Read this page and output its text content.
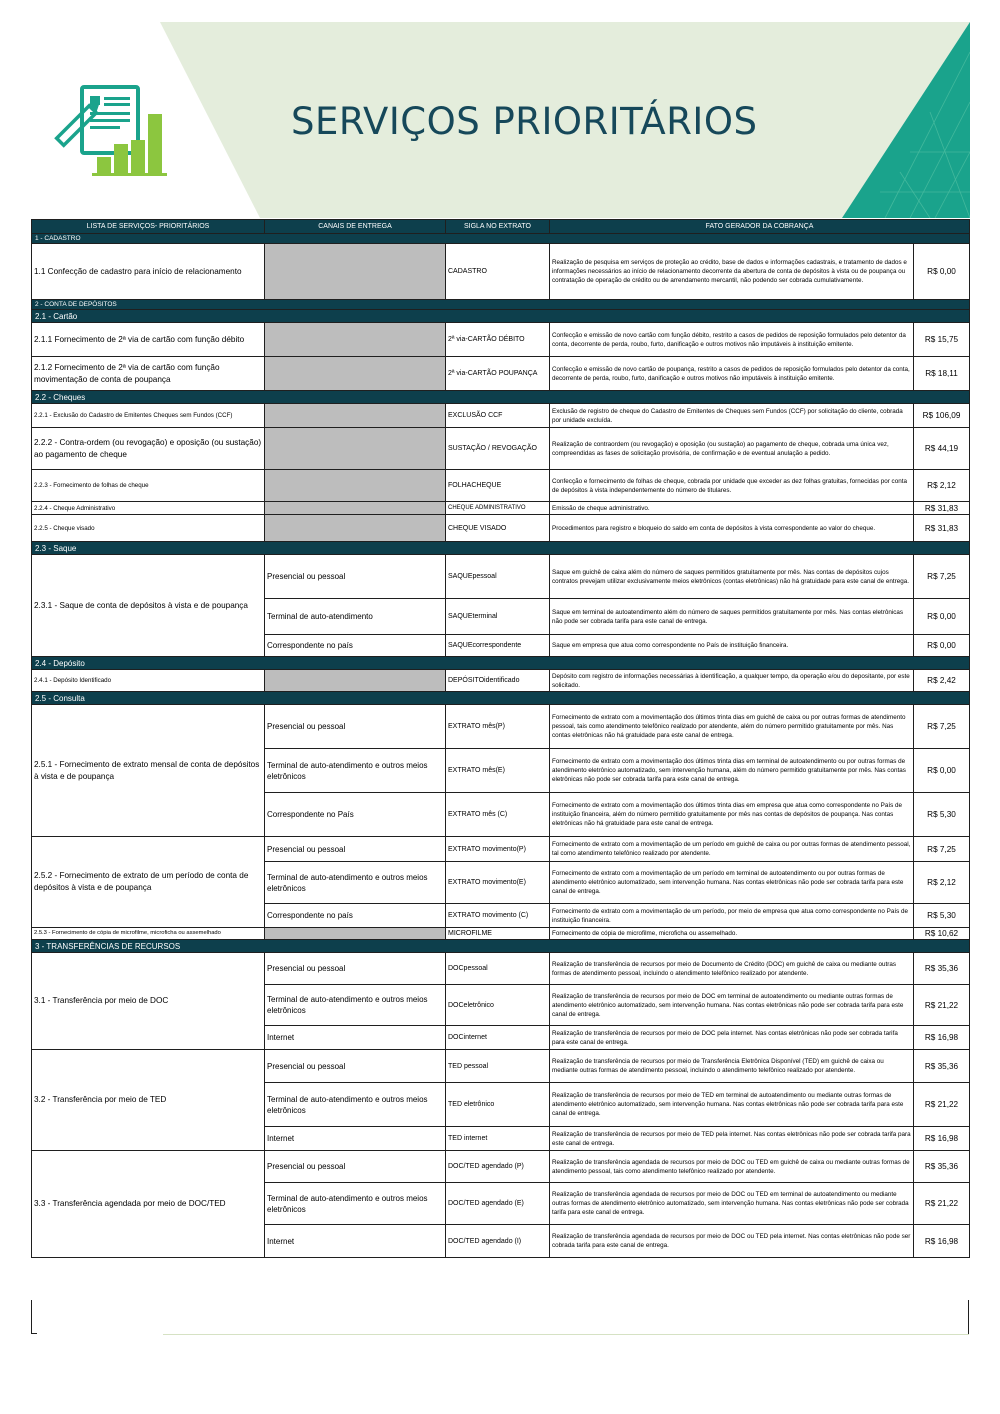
SERVIÇOS PRIORITÁRIOS
LISTA DE SERVIÇOS- PRIORITÁRIOS	CANAIS DE ENTREGA	SIGLA NO EXTRATO	FATO GERADOR DA COBRANÇA	
1 - CADASTRO				
1.1 Confecção de cadastro para início de relacionamento		CADASTRO	Realização de pesquisa em serviços de proteção ao crédito, base de dados e informações cadastrais, e tratamento de dados e informações necessários ao início de relacionamento decorrente da abertura de conta de depósitos à vista ou de poupança ou contratação de operação de crédito ou de arrendamento mercantil, não podendo ser cobrada cumulativamente.	R$ 0,00
2 - CONTA DE DEPÓSITOS				
2.1 - Cartão				
2.1.1 Fornecimento de 2ª via de cartão com função débito		2ª via-CARTÃO DÉBITO	Confecção e emissão de novo cartão com função débito, restrito a casos de pedidos de reposição formulados pelo detentor da conta, decorrente de perda, roubo, furto, danificação e outros motivos não imputáveis à instituição emitente.	R$ 15,75
2.1.2 Fornecimento de 2ª via de cartão com função movimentação de conta de poupança		2ª via-CARTÃO POUPANÇA	Confecção e emissão de novo cartão de poupança, restrito a casos de pedidos de reposição formulados pelo detentor da conta, decorrente de perda, roubo, furto, danificação e outros motivos não imputáveis à instituição emitente.	R$ 18,11
2.2 - Cheques				
2.2.1 - Exclusão do Cadastro de Emitentes Cheques sem Fundos (CCF)		EXCLUSÃO CCF	Exclusão de registro de cheque do Cadastro de Emitentes de Cheques sem Fundos (CCF) por solicitação do cliente, cobrada por unidade excluída.	R$ 106,09
2.2.2 - Contra-ordem (ou revogação) e oposição (ou sustação) ao pagamento de cheque		SUSTAÇÃO / REVOGAÇÃO	Realização de contraordem (ou revogação) e oposição (ou sustação) ao pagamento de cheque, cobrada uma única vez, compreendidas as fases de solicitação provisória, de confirmação e de eventual anulação a pedido.	R$ 44,19
2.2.3 - Fornecimento de folhas de cheque		FOLHACHEQUE	Confecção e fornecimento de folhas de cheque, cobrada por unidade que exceder as dez folhas gratuitas, fornecidas por conta de depósitos à vista independentemente do número de titulares.	R$ 2,12
2.2.4 - Cheque Administrativo		CHEQUE ADMINISTRATIVO	Emissão de cheque administrativo.	R$ 31,83
2.2.5 - Cheque visado		CHEQUE VISADO	Procedimentos para registro e bloqueio do saldo em conta de depósitos à vista correspondente ao valor do cheque.	R$ 31,83
2.3 - Saque				
2.3.1 - Saque de conta de depósitos à vista e de poupança	Presencial ou pessoal	SAQUEpessoal	Saque em guichê de caixa além do número de saques permitidos gratuitamente por mês. Nas contas de depósitos cujos contratos prevejam utilizar exclusivamente meios eletrônicos (contas eletrônicas) não há gratuidade para este canal de entrega.	R$ 7,25
	Terminal de auto-atendimento	SAQUEterminal	Saque em terminal de autoatendimento além do número de saques permitidos gratuitamente por mês. Nas contas eletrônicas não pode ser cobrada tarifa para este canal de entrega.	R$ 0,00
	Correspondente no país	SAQUEcorrespondente	Saque em empresa que atua como correspondente no País de instituição financeira.	R$ 0,00
2.4 - Depósito				
2.4.1 - Depósito Identificado		DEPÓSITOidentificado	Depósito com registro de informações necessárias à identificação, a qualquer tempo, da operação e/ou do depositante, por este solicitado.	R$ 2,42
2.5 - Consulta				
2.5.1 - Fornecimento de extrato mensal de conta de depósitos à vista e de poupança	Presencial ou pessoal	EXTRATO mês(P)	Fornecimento de extrato com a movimentação dos últimos trinta dias em guichê de caixa ou por outras formas de atendimento pessoal, tais como atendimento telefônico realizado por atendente, além do número permitido gratuitamente por mês. Nas contas eletrônicas não há gratuidade para este canal de entrega.	R$ 7,25
	Terminal de auto-atendimento e outros meios eletrônicos	EXTRATO mês(E)	Fornecimento de extrato com a movimentação dos últimos trinta dias em terminal de autoatendimento ou por outras formas de atendimento eletrônico automatizado, sem intervenção humana, além do número permitido gratuitamente por mês. Nas contas eletrônicas não pode ser cobrada tarifa para este canal de entrega.	R$ 0,00
	Correspondente no País	EXTRATO mês (C)	Fornecimento de extrato com a movimentação dos últimos trinta dias em empresa que atua como correspondente no País de instituição financeira, além do número permitido gratuitamente por mês nas contas de depósitos de poupança. Nas contas eletrônicas não há gratuidade para este canal de entrega.	R$ 5,30
2.5.2 - Fornecimento de extrato de um período de conta de depósitos à vista e de poupança	Presencial ou pessoal	EXTRATO movimento(P)	Fornecimento de extrato com a movimentação de um período em guichê de caixa ou por outras formas de atendimento pessoal, tal como atendimento telefônico realizado por atendente.	R$ 7,25
	Terminal de auto-atendimento e outros meios eletrônicos	EXTRATO movimento(E)	Fornecimento de extrato com a movimentação de um período em terminal de autoatendimento ou por outras formas de atendimento eletrônico automatizado, sem intervenção humana. Nas contas eletrônicas não pode ser cobrada tarifa para este canal de entrega.	R$ 2,12
	Correspondente no país	EXTRATO movimento (C)	Fornecimento de extrato com a movimentação de um período, por meio de empresa que atua como correspondente no País de instituição financeira.	R$ 5,30
2.5.3 - Fornecimento de cópia de microfilme, microficha ou assemelhado		MICROFILME	Fornecimento de cópia de microfilme, microficha ou assemelhado.	R$ 10,62
3 - TRANSFERÊNCIAS DE RECURSOS				
3.1 - Transferência por meio de DOC	Presencial ou pessoal	DOCpessoal	Realização de transferência de recursos por meio de Documento de Crédito (DOC) em guichê de caixa ou mediante outras formas de atendimento pessoal, incluindo o atendimento telefônico realizado por atendente.	R$ 35,36
	Terminal de auto-atendimento e outros meios eletrônicos	DOCeletrônico	Realização de transferência de recursos por meio de DOC em terminal de autoatendimento ou mediante outras formas de atendimento eletrônico automatizado, sem intervenção humana. Nas contas eletrônicas não pode ser cobrada tarifa para este canal de entrega.	R$ 21,22
	Internet	DOCinternet	Realização de transferência de recursos por meio de DOC pela internet. Nas contas eletrônicas não pode ser cobrada tarifa para este canal de entrega.	R$ 16,98
3.2 - Transferência por meio de TED	Presencial ou pessoal	TED pessoal	Realização de transferência de recursos por meio de Transferência Eletrônica Disponível (TED) em guichê de caixa ou mediante outras formas de atendimento pessoal, incluindo o atendimento telefônico realizado por atendente.	R$ 35,36
	Terminal de auto-atendimento e outros meios eletrônicos	TED eletrônico	Realização de transferência de recursos por meio de TED em terminal de autoatendimento ou mediante outras formas de atendimento eletrônico automatizado, sem intervenção humana. Nas contas eletrônicas não pode ser cobrada tarifa para este canal de entrega.	R$ 21,22
	Internet	TED internet	Realização de transferência de recursos por meio de TED pela internet. Nas contas eletrônicas não pode ser cobrada tarifa para este canal de entrega.	R$ 16,98
3.3 - Transferência agendada por meio de DOC/TED	Presencial ou pessoal	DOC/TED agendado (P)	Realização de transferência agendada de recursos por meio de DOC ou TED em guichê de caixa ou mediante outras formas de atendimento pessoal, tais como atendimento telefônico realizado por atendente.	R$ 35,36
	Terminal de auto-atendimento e outros meios eletrônicos	DOC/TED agendado (E)	Realização de transferência agendada de recursos por meio de DOC ou TED em terminal de autoatendimento ou mediante outras formas de atendimento eletrônico automatizado, sem intervenção humana. Nas contas eletrônicas não pode ser cobrada tarifa para este canal de entrega.	R$ 21,22
	Internet	DOC/TED agendado (I)	Realização de transferência agendada de recursos por meio de DOC ou TED pela internet. Nas contas eletrônicas não pode ser cobrada tarifa para este canal de entrega.	R$ 16,98
